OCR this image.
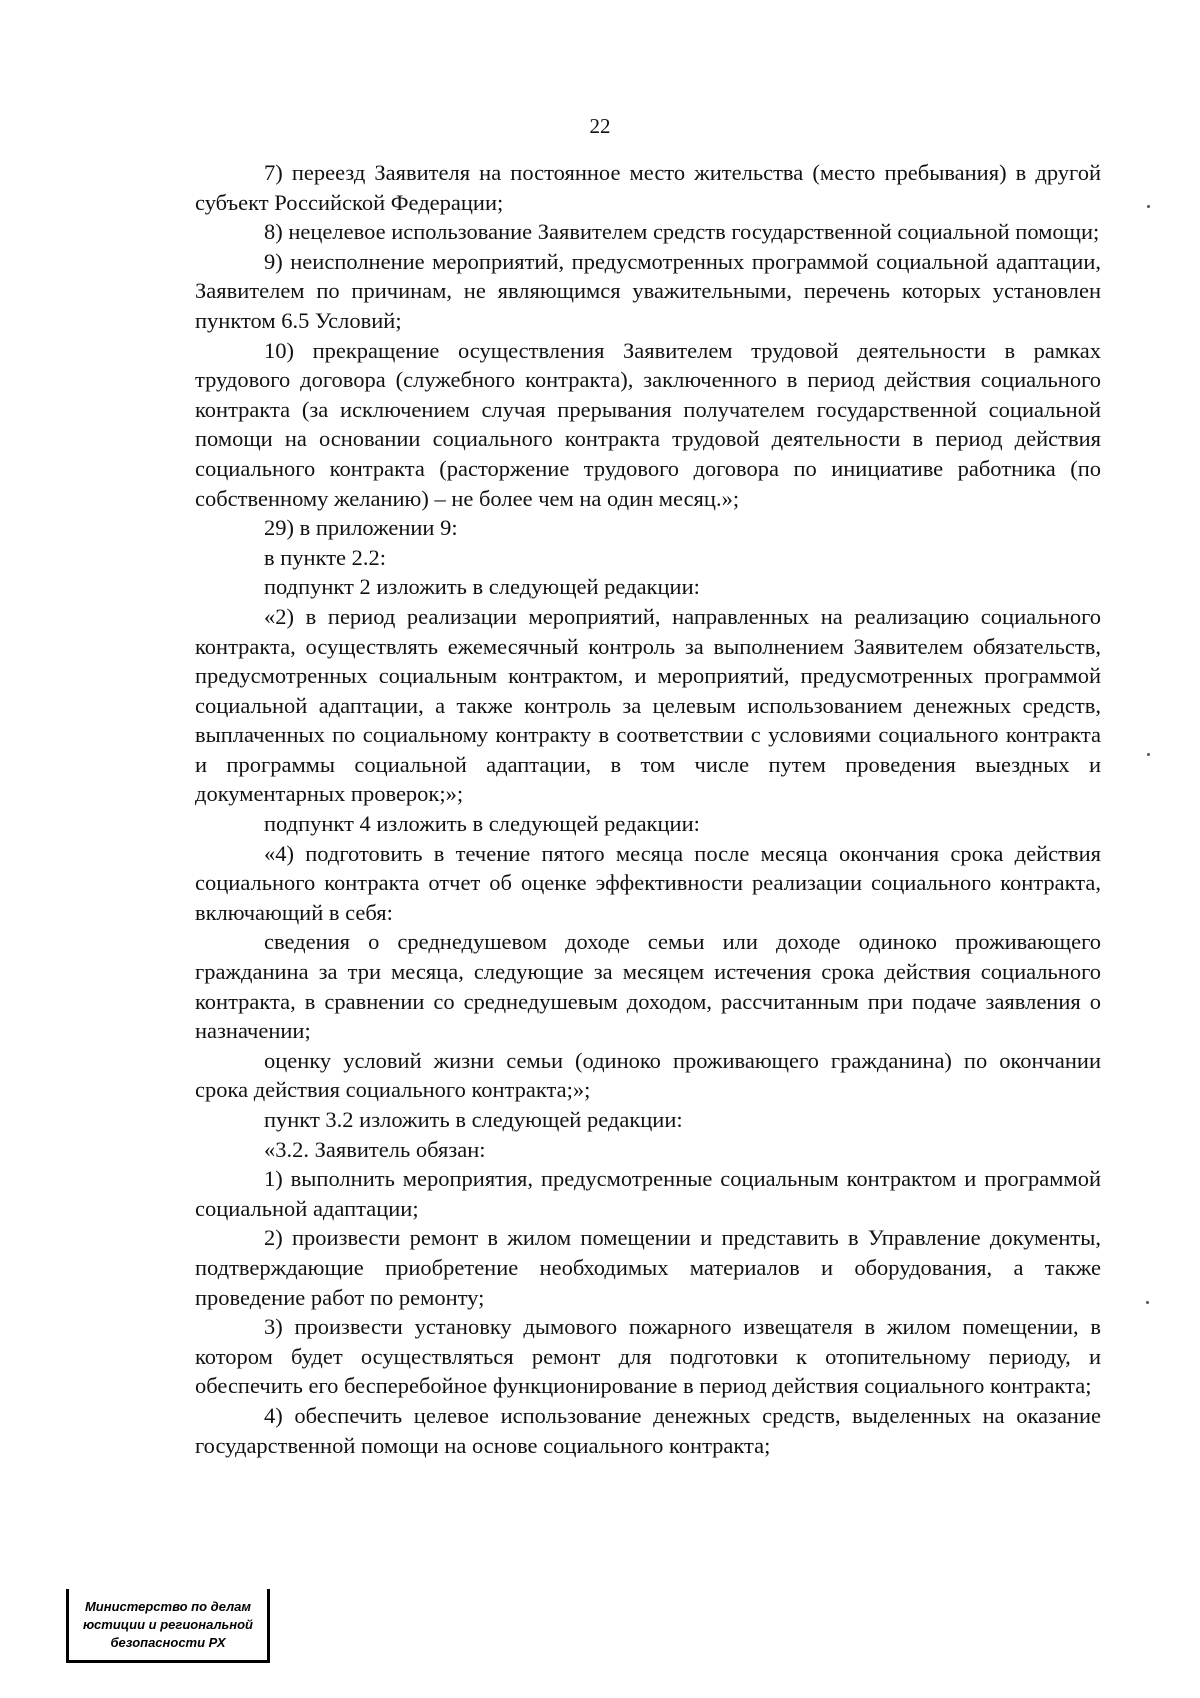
22

7) переезд Заявителя на постоянное место жительства (место пребывания) в другой субъект Российской Федерации;

8) нецелевое использование Заявителем средств государственной социальной помощи;

9) неисполнение мероприятий, предусмотренных программой социальной адаптации, Заявителем по причинам, не являющимся уважительными, перечень которых установлен пунктом 6.5 Условий;

10) прекращение осуществления Заявителем трудовой деятельности в рамках трудового договора (служебного контракта), заключенного в период действия социального контракта (за исключением случая прерывания получателем государственной социальной помощи на основании социального контракта трудовой деятельности в период действия социального контракта (расторжение трудового договора по инициативе работника (по собственному желанию) – не более чем на один месяц.»;

29) в приложении 9:

в пункте 2.2:

подпункт 2 изложить в следующей редакции:

«2) в период реализации мероприятий, направленных на реализацию социального контракта, осуществлять ежемесячный контроль за выполнением Заявителем обязательств, предусмотренных социальным контрактом, и мероприятий, предусмотренных программой социальной адаптации, а также контроль за целевым использованием денежных средств, выплаченных по социальному контракту в соответствии с условиями социального контракта и программы социальной адаптации, в том числе путем проведения выездных и документарных проверок;»;

подпункт 4 изложить в следующей редакции:

«4) подготовить в течение пятого месяца после месяца окончания срока действия социального контракта отчет об оценке эффективности реализации социального контракта, включающий в себя:

сведения о среднедушевом доходе семьи или доходе одиноко проживающего гражданина за три месяца, следующие за месяцем истечения срока действия социального контракта, в сравнении со среднедушевым доходом, рассчитанным при подаче заявления о назначении;

оценку условий жизни семьи (одиноко проживающего гражданина) по окончании срока действия социального контракта;»;

пункт 3.2 изложить в следующей редакции:

«3.2. Заявитель обязан:

1) выполнить мероприятия, предусмотренные социальным контрактом и программой социальной адаптации;

2) произвести ремонт в жилом помещении и представить в Управление документы, подтверждающие приобретение необходимых материалов и оборудования, а также проведение работ по ремонту;

3) произвести установку дымового пожарного извещателя в жилом помещении, в котором будет осуществляться ремонт для подготовки к отопительному периоду, и обеспечить его бесперебойное функционирование в период действия социального контракта;

4) обеспечить целевое использование денежных средств, выделенных на оказание государственной помощи на основе социального контракта;

Министерство по делам
юстиции и региональной
безопасности РХ
